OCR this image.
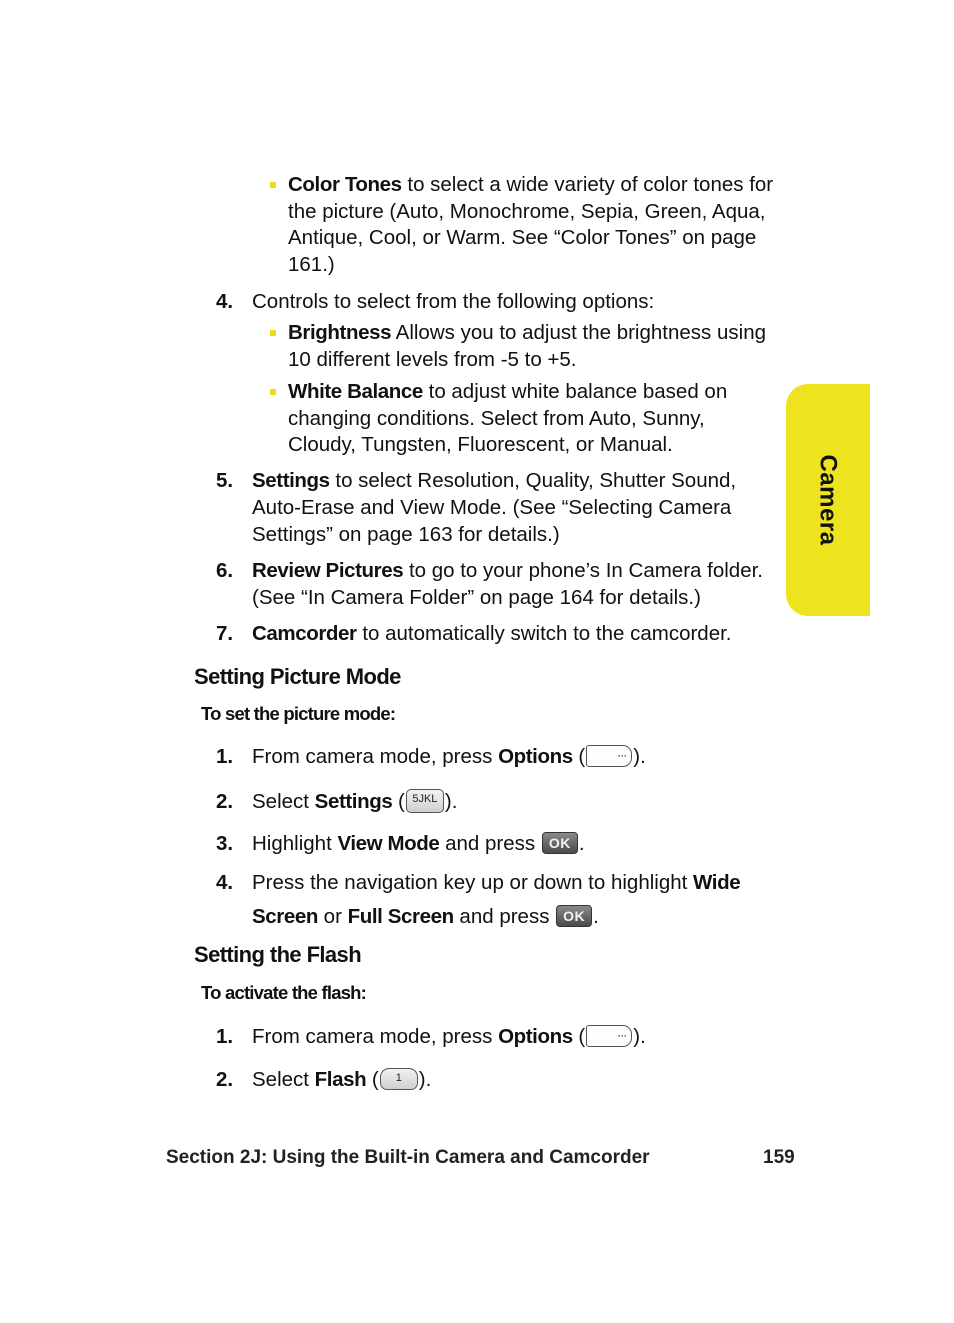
Color Tones to select a wide variety of color tones for the picture (Auto, Monochrome, Sepia, Green, Aqua, Antique, Cool, or Warm. See “Color Tones” on page 161.)
4. Controls to select from the following options:
Brightness Allows you to adjust the brightness using 10 different levels from -5 to +5.
White Balance to adjust white balance based on changing conditions. Select from Auto, Sunny, Cloudy, Tungsten, Fluorescent, or Manual.
5. Settings to select Resolution, Quality, Shutter Sound, Auto-Erase and View Mode. (See “Selecting Camera Settings” on page 163 for details.)
6. Review Pictures to go to your phone’s In Camera folder. (See “In Camera Folder” on page 164 for details.)
7. Camcorder to automatically switch to the camcorder.
Setting Picture Mode
To set the picture mode:
1. From camera mode, press Options (	··· ).
2. Select Settings ( 5JKL ).
3. Highlight View Mode and press OK .
4. Press the navigation key up or down to highlight Wide Screen or Full Screen and press OK .
Setting the Flash
To activate the flash:
1. From camera mode, press Options (	··· ).
2. Select Flash ( 1 ).
Camera
Section 2J: Using the Built-in Camera and Camcorder	159
